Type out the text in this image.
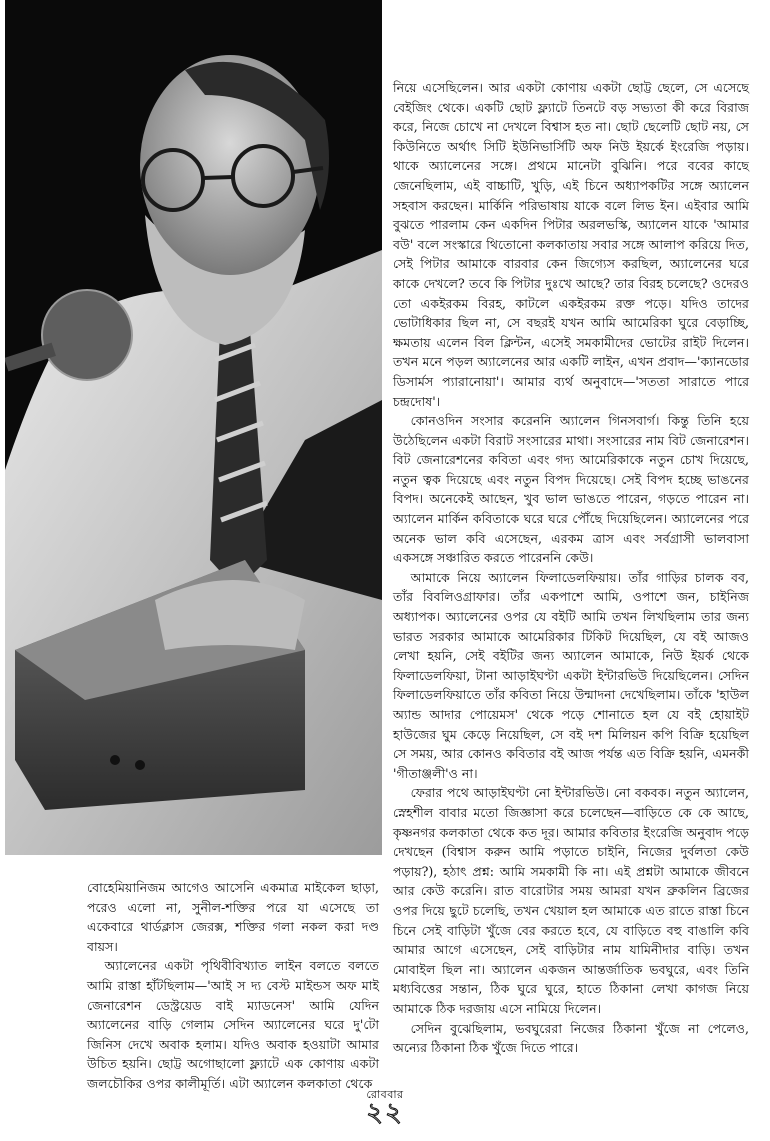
নিয়ে এসেছিলেন। আর একটা কোণায় একটা ছোট্ট ছেলে, সে এসেছে বেইজিং থেকে। একটি ছোট ফ্ল্যাটে তিনটে বড় সভ্যতা কী করে বিরাজ করে, নিজে চোখে না দেখলে বিশ্বাস হত না। ছোট ছেলেটি ছোট নয়, সে কিউনিতে অর্থাৎ সিটি ইউনিভার্সিটি অফ নিউ ইয়র্কে ইংরেজি পড়ায়। থাকে অ্যালেনের সঙ্গে। প্রথমে মানেটা বুঝিনি। পরে ববের কাছে জেনেছিলাম, এই বাচ্চাটি, খুড়ি, এই চিনে অধ্যাপকটির সঙ্গে অ্যালেন সহবাস করছেন। মার্কিনি পরিভাষায় যাকে বলে লিভ ইন। এইবার আমি বুঝতে পারলাম কেন একদিন পিটার অরলভস্কি, অ্যালেন যাকে 'আমার বউ' বলে সংস্কারে থিতোনো কলকাতায় সবার সঙ্গে আলাপ করিয়ে দিত, সেই পিটার আমাকে বারবার কেন জিগ্যেস করছিল, অ্যালেনের ঘরে কাকে দেখলে? তবে কি পিটার দুঃখে আছে? তার বিরহ চলেছে? ওদেরও তো একইরকম বিরহ, কাটলে একইরকম রক্ত পড়ে। যদিও তাদের ভোটাধিকার ছিল না, সে বছরই যখন আমি আমেরিকা ঘুরে বেড়াচ্ছি, ক্ষমতায় এলেন বিল ক্লিন্টন, এসেই সমকামীদের ভোটের রাইট দিলেন। তখন মনে পড়ল অ্যালেনের আর একটি লাইন, এখন প্রবাদ—'ক্যানডোর ডিসার্মস প্যারানোয়া'। আমার ব্যর্থ অনুবাদে—'সততা সারাতে পারে চন্দ্রদোষ'।

কোনওদিন সংসার করেননি অ্যালেন গিনসবার্গ। কিন্তু তিনি হয়ে উঠেছিলেন একটা বিরাট সংসারের মাথা। সংসারের নাম বিট জেনারেশন। বিট জেনারেশনের কবিতা এবং গদ্য আমেরিকাকে নতুন চোখ দিয়েছে, নতুন ত্বক দিয়েছে এবং নতুন বিপদ দিয়েছে। সেই বিপদ হচ্ছে ভাঙনের বিপদ। অনেকেই আছেন, খুব ভাল ভাঙতে পারেন, গড়তে পারেন না। অ্যালেন মার্কিন কবিতাকে ঘরে ঘরে পৌঁছে দিয়েছিলেন। অ্যালেনের পরে অনেক ভাল কবি এসেছেন, এরকম ত্রাস এবং সর্বগ্রাসী ভালবাসা একসঙ্গে সঞ্চারিত করতে পারেননি কেউ।

আমাকে নিয়ে অ্যালেন ফিলাডেলফিয়ায়। তাঁর গাড়ির চালক বব, তাঁর বিবলিওগ্রাফার। তাঁর একপাশে আমি, ওপাশে জন, চাইনিজ অধ্যাপক। অ্যালেনের ওপর যে বইটি আমি তখন লিখছিলাম তার জন্য ভারত সরকার আমাকে আমেরিকার টিকিট দিয়েছিল, যে বই আজও লেখা হয়নি, সেই বইটির জন্য অ্যালেন আমাকে, নিউ ইয়র্ক থেকে ফিলাডেলফিয়া, টানা আড়াইঘণ্টা একটা ইন্টারভিউ দিয়েছিলেন। সেদিন ফিলাডেলফিয়াতে তাঁর কবিতা নিয়ে উন্মাদনা দেখেছিলাম। তাঁকে 'হাউল অ্যান্ড আদার পোয়েমস' থেকে পড়ে শোনাতে হল যে বই হোয়াইট হাউজের ঘুম কেড়ে নিয়েছিল, সে বই দশ মিলিয়ন কপি বিক্রি হয়েছিল সে সময়, আর কোনও কবিতার বই আজ পর্যন্ত এত বিক্রি হয়নি, এমনকী 'গীতাঞ্জলী'ও না।

ফেরার পথে আড়াইঘণ্টা নো ইন্টারভিউ। নো বকবক। নতুন অ্যালেন, স্নেহশীল বাবার মতো জিজ্ঞাসা করে চলেছেন—বাড়িতে কে কে আছে, কৃষ্ণনগর কলকাতা থেকে কত দূর। আমার কবিতার ইংরেজি অনুবাদ পড়ে দেখছেন (বিশ্বাস করুন আমি পড়াতে চাইনি, নিজের দুর্বলতা কেউ পড়ায়?), হঠাৎ প্রশ্ন: আমি সমকামী কি না। এই প্রশ্নটা আমাকে জীবনে আর কেউ করেনি। রাত বারোটার সময় আমরা যখন ব্রুকলিন ব্রিজের ওপর দিয়ে ছুটে চলেছি, তখন খেয়াল হল আমাকে এত রাতে রাস্তা চিনে চিনে সেই বাড়িটা খুঁজে বের করতে হবে, যে বাড়িতে বহু বাঙালি কবি আমার আগে এসেছেন, সেই বাড়িটার নাম যামিনীদার বাড়ি। তখন মোবাইল ছিল না। অ্যালেন একজন আন্তর্জাতিক ভবঘুরে, এবং তিনি মধ্যবিত্তের সন্তান, ঠিক ঘুরে ঘুরে, হাতে ঠিকানা লেখা কাগজ নিয়ে আমাকে ঠিক দরজায় এসে নামিয়ে দিলেন।

সেদিন বুঝেছিলাম, ভবঘুরেরা নিজের ঠিকানা খুঁজে না পেলেও, অন্যের ঠিকানা ঠিক খুঁজে দিতে পারে।

বোহেমিয়ানিজম আগেও আসেনি একমাত্র মাইকেল ছাড়া, পরেও এলো না, সুনীল-শক্তির পরে যা এসেছে তা একেবারে থার্ডক্লাস জেরক্স, শক্তির গলা নকল করা দণ্ড বায়স।

অ্যালেনের একটা পৃথিবীবিখ্যাত লাইন বলতে বলতে আমি রাস্তা হাঁটছিলাম—'আই স দ্য বেস্ট মাইন্ডস অফ মাই জেনারেশন ডেস্ট্রয়েড বাই ম্যাডনেস' আমি যেদিন অ্যালেনের বাড়ি গেলাম সেদিন অ্যালেনের ঘরে দু'টো জিনিস দেখে অবাক হলাম। যদিও অবাক হওয়াটা আমার উচিত হয়নি। ছোট্ট অগোছালো ফ্ল্যাটে এক কোণায় একটা জলচৌকির ওপর কালীমূর্তি। এটা অ্যালেন কলকাতা থেকে

রোববার
২২
